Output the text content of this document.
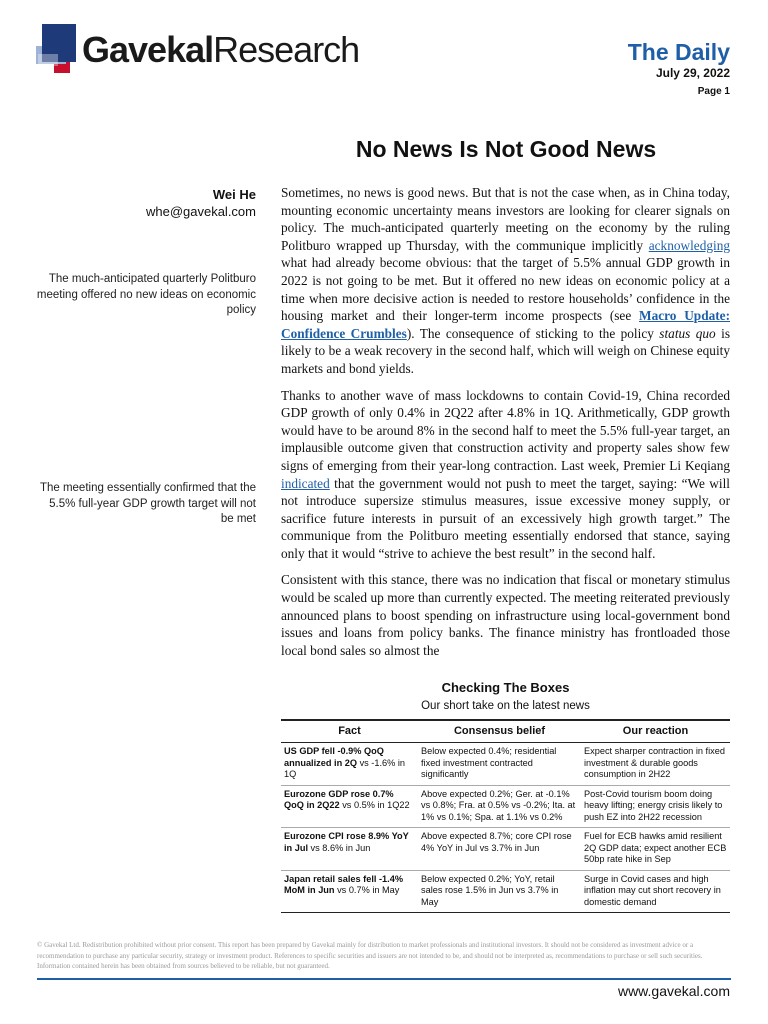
GavekalResearch	The Daily
July 29, 2022
Page 1
No News Is Not Good News
Wei He
whe@gavekal.com
The much-anticipated quarterly Politburo meeting offered no new ideas on economic policy
The meeting essentially confirmed that the 5.5% full-year GDP growth target will not be met

Sometimes, no news is good news. But that is not the case when, as in China today, mounting economic uncertainty means investors are looking for clearer signals on policy. The much-anticipated quarterly meeting on the economy by the ruling Politburo wrapped up Thursday, with the communique implicitly acknowledging what had already become obvious: that the target of 5.5% annual GDP growth in 2022 is not going to be met. But it offered no new ideas on economic policy at a time when more decisive action is needed to restore households’ confidence in the housing market and their longer-term income prospects (see Macro Update: Confidence Crumbles). The consequence of sticking to the policy status quo is likely to be a weak recovery in the second half, which will weigh on Chinese equity markets and bond yields.

Thanks to another wave of mass lockdowns to contain Covid-19, China recorded GDP growth of only 0.4% in 2Q22 after 4.8% in 1Q. Arithmetically, GDP growth would have to be around 8% in the second half to meet the 5.5% full-year target, an implausible outcome given that construction activity and property sales show few signs of emerging from their year-long contraction. Last week, Premier Li Keqiang indicated that the government would not push to meet the target, saying: “We will not introduce supersize stimulus measures, issue excessive money supply, or sacrifice future interests in pursuit of an excessively high growth target.” The communique from the Politburo meeting essentially endorsed that stance, saying only that it would “strive to achieve the best result” in the second half.

Consistent with this stance, there was no indication that fiscal or monetary stimulus would be scaled up more than currently expected. The meeting reiterated previously announced plans to boost spending on infrastructure using local-government bond issues and loans from policy banks. The finance ministry has frontloaded those local bond sales so almost the

Checking The Boxes
Our short take on the latest news
Fact	Consensus belief	Our reaction
US GDP fell -0.9% QoQ annualized in 2Q vs -1.6% in 1Q	Below expected 0.4%; residential fixed investment contracted significantly	Expect sharper contraction in fixed investment & durable goods consumption in 2H22
Eurozone GDP rose 0.7% QoQ in 2Q22 vs 0.5% in 1Q22	Above expected 0.2%; Ger. at -0.1% vs 0.8%; Fra. at 0.5% vs -0.2%; Ita. at 1% vs 0.1%; Spa. at 1.1% vs 0.2%	Post-Covid tourism boom doing heavy lifting; energy crisis likely to push EZ into 2H22 recession
Eurozone CPI rose 8.9% YoY in Jul vs 8.6% in Jun	Above expected 8.7%; core CPI rose 4% YoY in Jul vs 3.7% in Jun	Fuel for ECB hawks amid resilient 2Q GDP data; expect another ECB 50bp rate hike in Sep
Japan retail sales fell -1.4% MoM in Jun vs 0.7% in May	Below expected 0.2%; YoY, retail sales rose 1.5% in Jun vs 3.7% in May	Surge in Covid cases and high inflation may cut short recovery in domestic demand
© Gavekal Ltd. Redistribution prohibited without prior consent. This report has been prepared by Gavekal mainly for distribution to market professionals and institutional investors. It should not be considered as investment advice or a recommendation to purchase any particular security, strategy or investment product. References to specific securities and issuers are not intended to be, and should not be interpreted as, recommendations to purchase or sell such securities. Information contained herein has been obtained from sources believed to be reliable, but not guaranteed.
www.gavekal.com
